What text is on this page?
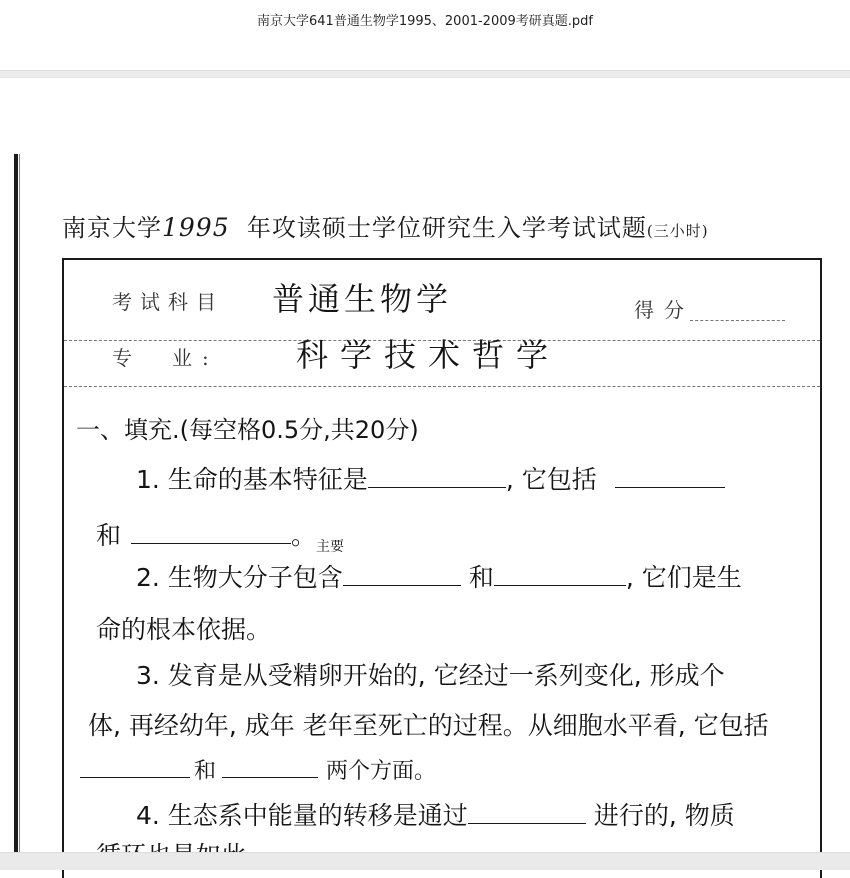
南京大学641普通生物学1995、2001-2009考研真题.pdf
南京大学1995 年攻读硕士学位研究生入学考试试题(三小时)
考试科目 普通生物学	得分
专　业: 科学技术哲学
一、填充.(每空格0.5分,共20分)
1. 生命的基本特征是	, 它包括
和	。 主要
2. 生物大分子包含	和	, 它们是生
命的根本依据。
3. 发育是从受精卵开始的, 它经过一系列变化, 形成个
体, 再经幼年, 成年 老年至死亡的过程。从细胞水平看, 它包括
和	两个方面。
4. 生态系中能量的转移是通过	进行的, 物质
